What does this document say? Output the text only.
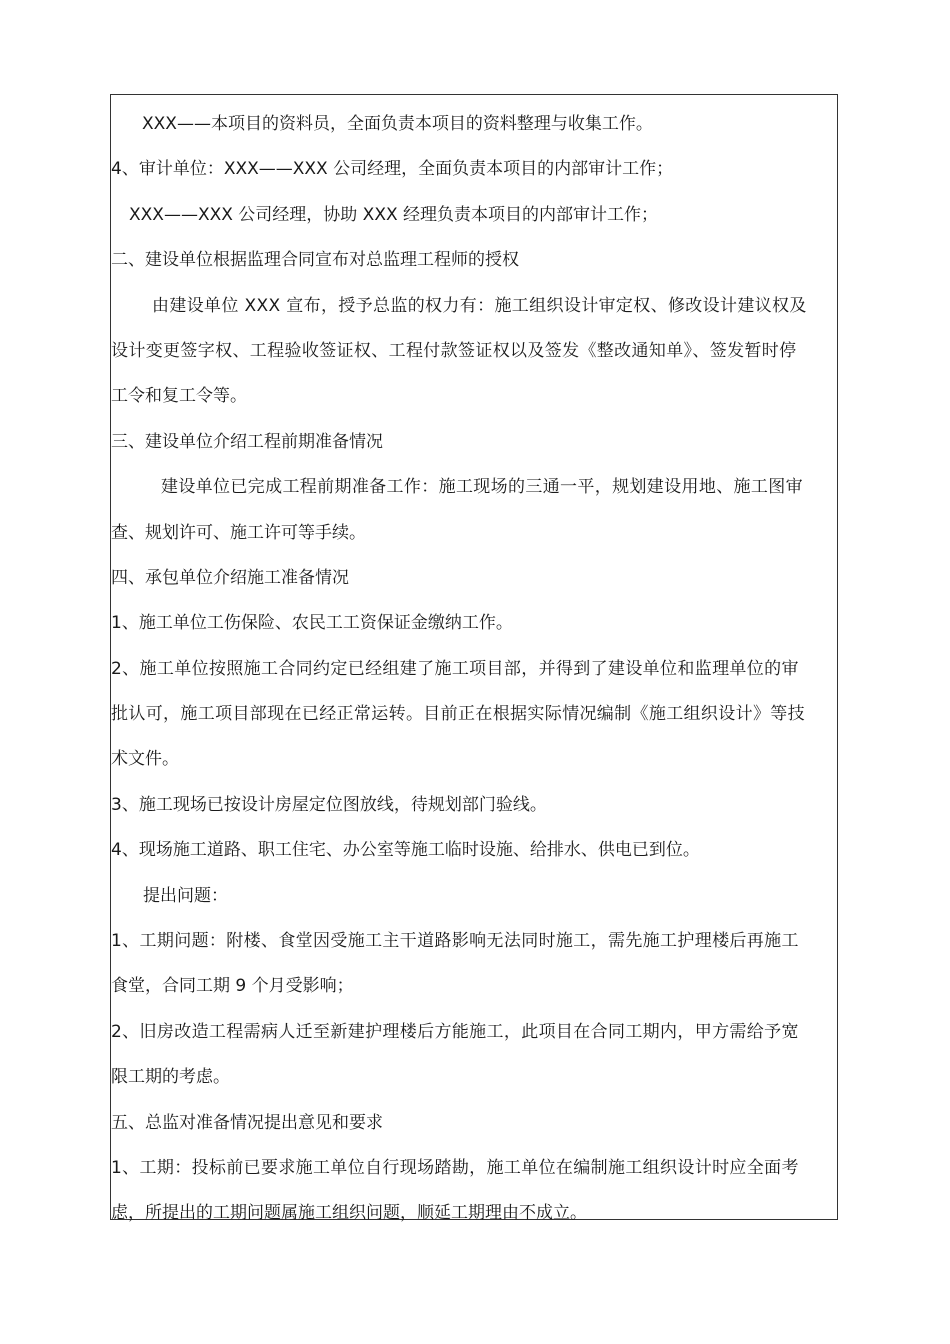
XXX——本项目的资料员，全面负责本项目的资料整理与收集工作。
4、审计单位：XXX——XXX 公司经理，全面负责本项目的内部审计工作；
XXX——XXX 公司经理，协助 XXX 经理负责本项目的内部审计工作；
二、建设单位根据监理合同宣布对总监理工程师的授权
由建设单位 XXX 宣布，授予总监的权力有：施工组织设计审定权、修改设计建议权及
设计变更签字权、工程验收签证权、工程付款签证权以及签发《整改通知单》、签发暂时停
工令和复工令等。
三、建设单位介绍工程前期准备情况
建设单位已完成工程前期准备工作：施工现场的三通一平，规划建设用地、施工图审
查、规划许可、施工许可等手续。
四、承包单位介绍施工准备情况
1、施工单位工伤保险、农民工工资保证金缴纳工作。
2、施工单位按照施工合同约定已经组建了施工项目部，并得到了建设单位和监理单位的审
批认可，施工项目部现在已经正常运转。目前正在根据实际情况编制《施工组织设计》等技
术文件。
3、施工现场已按设计房屋定位图放线，待规划部门验线。
4、现场施工道路、职工住宅、办公室等施工临时设施、给排水、供电已到位。
提出问题：
1、工期问题：附楼、食堂因受施工主干道路影响无法同时施工，需先施工护理楼后再施工
食堂，合同工期 9 个月受影响；
2、旧房改造工程需病人迁至新建护理楼后方能施工，此项目在合同工期内，甲方需给予宽
限工期的考虑。
五、总监对准备情况提出意见和要求
1、工期：投标前已要求施工单位自行现场踏勘，施工单位在编制施工组织设计时应全面考
虑，所提出的工期问题属施工组织问题，顺延工期理由不成立。
